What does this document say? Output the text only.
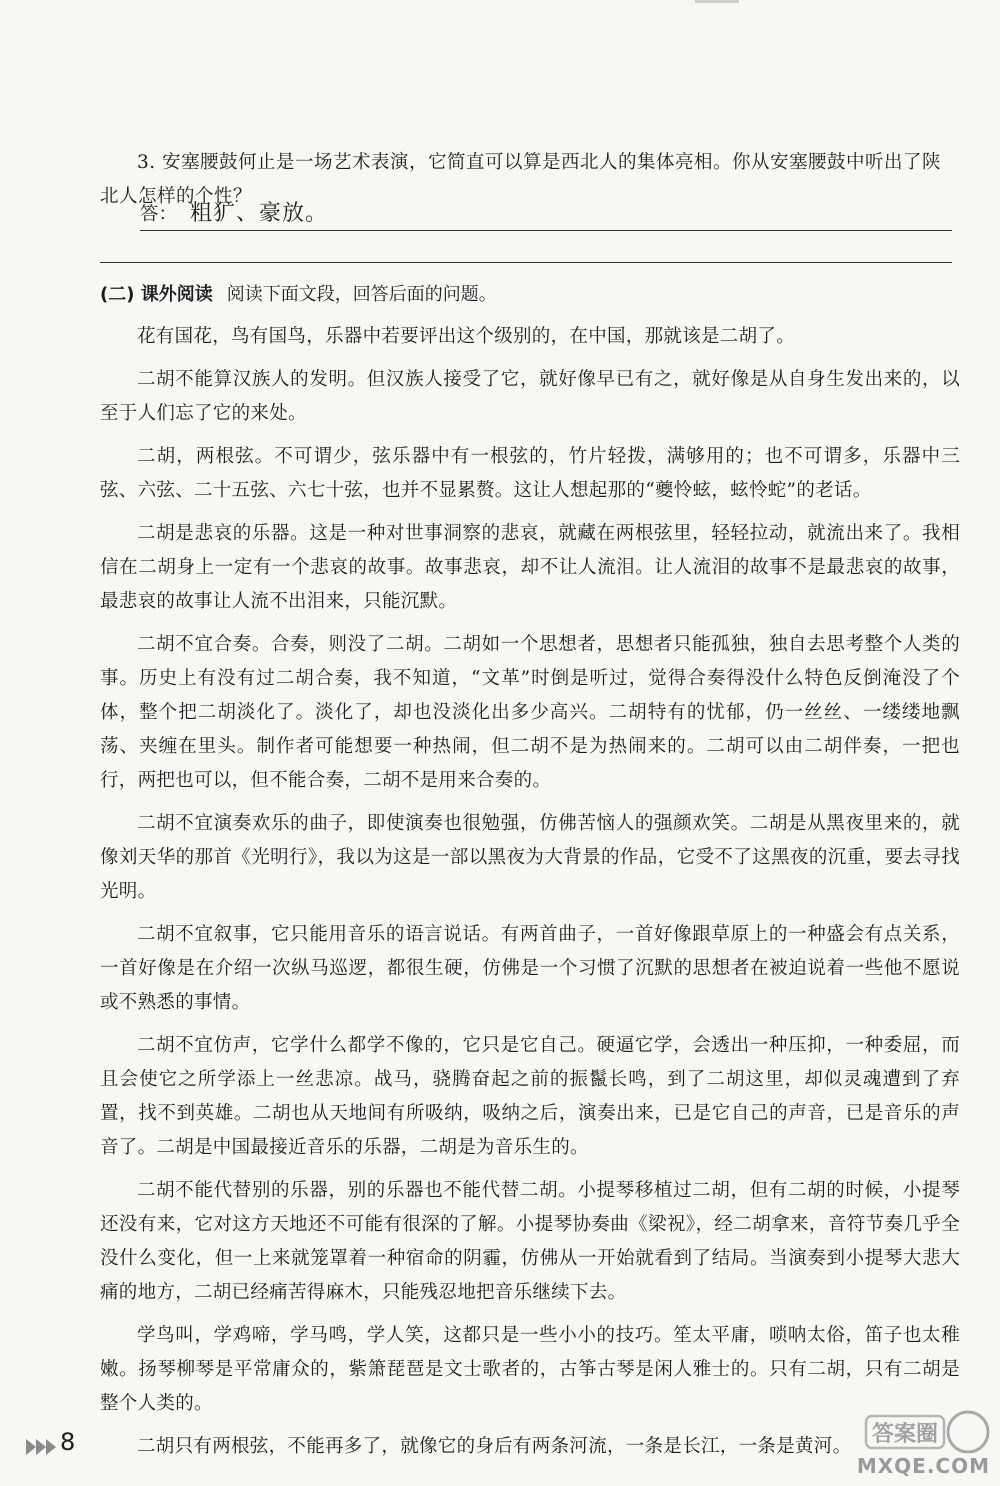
3. 安塞腰鼓何止是一场艺术表演，它简直可以算是西北人的集体亮相。你从安塞腰鼓中听出了陕北人怎样的个性？
答： 粗犷、豪放。
(二) 课外阅读 阅读下面文段，回答后面的问题。

花有国花，鸟有国鸟，乐器中若要评出这个级别的，在中国，那就该是二胡了。

二胡不能算汉族人的发明。但汉族人接受了它，就好像早已有之，就好像是从自身生发出来的，以至于人们忘了它的来处。

二胡，两根弦。不可谓少，弦乐器中有一根弦的，竹片轻拨，满够用的；也不可谓多，乐器中三弦、六弦、二十五弦、六七十弦，也并不显累赘。这让人想起那的“夔怜蚿，蚿怜蛇”的老话。

二胡是悲哀的乐器。这是一种对世事洞察的悲哀，就藏在两根弦里，轻轻拉动，就流出来了。我相信在二胡身上一定有一个悲哀的故事。故事悲哀，却不让人流泪。让人流泪的故事不是最悲哀的故事，最悲哀的故事让人流不出泪来，只能沉默。

二胡不宜合奏。合奏，则没了二胡。二胡如一个思想者，思想者只能孤独，独自去思考整个人类的事。历史上有没有过二胡合奏，我不知道，“文革”时倒是听过，觉得合奏得没什么特色反倒淹没了个体，整个把二胡淡化了。淡化了，却也没淡化出多少高兴。二胡特有的忧郁，仍一丝丝、一缕缕地飘荡、夹缠在里头。制作者可能想要一种热闹，但二胡不是为热闹来的。二胡可以由二胡伴奏，一把也行，两把也可以，但不能合奏，二胡不是用来合奏的。

二胡不宜演奏欢乐的曲子，即使演奏也很勉强，仿佛苦恼人的强颜欢笑。二胡是从黑夜里来的，就像刘天华的那首《光明行》，我以为这是一部以黑夜为大背景的作品，它受不了这黑夜的沉重，要去寻找光明。

二胡不宜叙事，它只能用音乐的语言说话。有两首曲子，一首好像跟草原上的一种盛会有点关系，一首好像是在介绍一次纵马巡逻，都很生硬，仿佛是一个习惯了沉默的思想者在被迫说着一些他不愿说或不熟悉的事情。

二胡不宜仿声，它学什么都学不像的，它只是它自己。硬逼它学，会透出一种压抑，一种委屈，而且会使它之所学添上一丝悲凉。战马，骁腾奋起之前的振鬣长鸣，到了二胡这里，却似灵魂遭到了弃置，找不到英雄。二胡也从天地间有所吸纳，吸纳之后，演奏出来，已是它自己的声音，已是音乐的声音了。二胡是中国最接近音乐的乐器，二胡是为音乐生的。

二胡不能代替别的乐器，别的乐器也不能代替二胡。小提琴移植过二胡，但有二胡的时候，小提琴还没有来，它对这方天地还不可能有很深的了解。小提琴协奏曲《梁祝》，经二胡拿来，音符节奏几乎全没什么变化，但一上来就笼罩着一种宿命的阴霾，仿佛从一开始就看到了结局。当演奏到小提琴大悲大痛的地方，二胡已经痛苦得麻木，只能残忍地把音乐继续下去。

学鸟叫，学鸡啼，学马鸣，学人笑，这都只是一些小小的技巧。笙太平庸，唢呐太俗，笛子也太稚嫩。扬琴柳琴是平常庸众的，紫箫琵琶是文士歌者的，古筝古琴是闲人雅士的。只有二胡，只有二胡是整个人类的。

二胡只有两根弦，不能再多了，就像它的身后有两条河流，一条是长江，一条是黄河。

8	答案圈
MXQE.COM
